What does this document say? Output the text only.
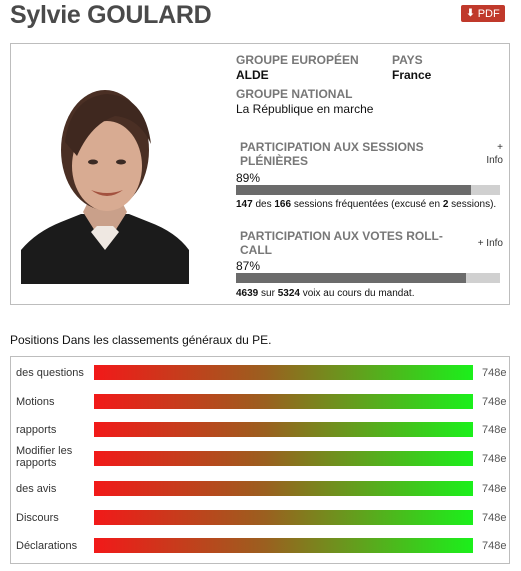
Sylvie GOULARD	⬇ PDF
GROUPE EUROPÉEN
ALDE
PAYS
France
GROUPE NATIONAL
La République en marche
PARTICIPATION AUX SESSIONS
PLÉNIÈRES
+
Info
89%
147 des 166 sessions fréquentées (excusé en 2 sessions).
PARTICIPATION AUX VOTES ROLL-
CALL	+ Info
87%
4639 sur 5324 voix au cours du mandat.
Positions Dans les classements généraux du PE.
des questions	748e
Motions	748e
rapports	748e
Modifier les rapports	748e
des avis	748e
Discours	748e
Déclarations	748e
